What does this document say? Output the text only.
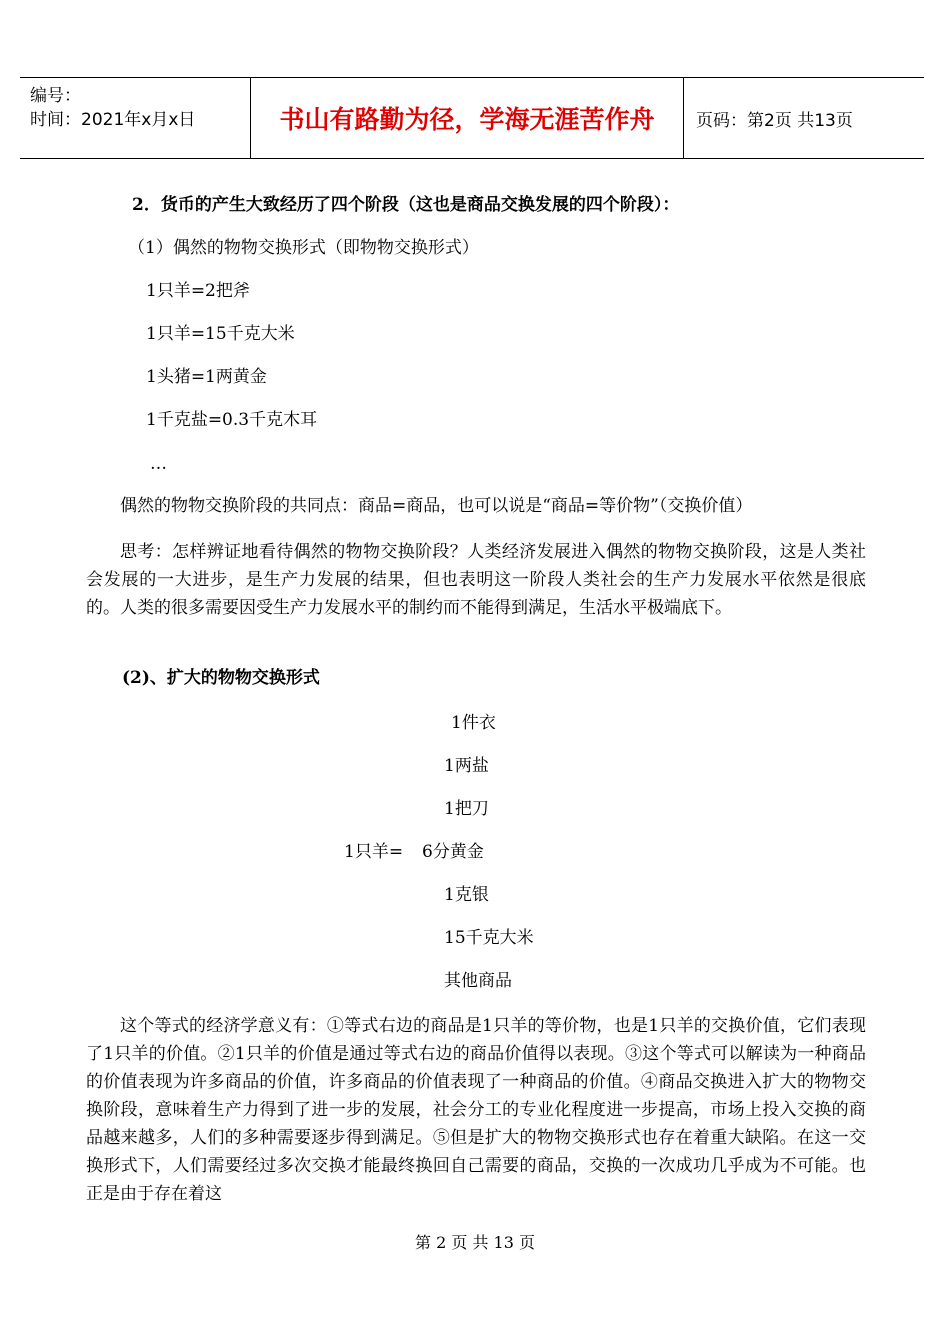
编号：
时间：2021年x月x日	书山有路勤为径，学海无涯苦作舟	页码：第2页 共13页
2．货币的产生大致经历了四个阶段（这也是商品交换发展的四个阶段）：
（1）偶然的物物交换形式（即物物交换形式）
1只羊=2把斧
1只羊=15千克大米
1头猪=1两黄金
1千克盐=0.3千克木耳
…
偶然的物物交换阶段的共同点：商品=商品，也可以说是“商品=等价物”（交换价值）
思考：怎样辨证地看待偶然的物物交换阶段？人类经济发展进入偶然的物物交换阶段，这是人类社会发展的一大进步，是生产力发展的结果，但也表明这一阶段人类社会的生产力发展水平依然是很底的。人类的很多需要因受生产力发展水平的制约而不能得到满足，生活水平极端底下。
(2)、扩大的物物交换形式
1件衣
1两盐
1把刀
1只羊= 6分黄金
1克银
15千克大米
其他商品
这个等式的经济学意义有：①等式右边的商品是1只羊的等价物，也是1只羊的交换价值，它们表现了1只羊的价值。②1只羊的价值是通过等式右边的商品价值得以表现。③这个等式可以解读为一种商品的价值表现为许多商品的价值，许多商品的价值表现了一种商品的价值。④商品交换进入扩大的物物交换阶段，意味着生产力得到了进一步的发展，社会分工的专业化程度进一步提高，市场上投入交换的商品越来越多，人们的多种需要逐步得到满足。⑤但是扩大的物物交换形式也存在着重大缺陷。在这一交换形式下，人们需要经过多次交换才能最终换回自己需要的商品，交换的一次成功几乎成为不可能。也正是由于存在着这
第 2 页 共 13 页
